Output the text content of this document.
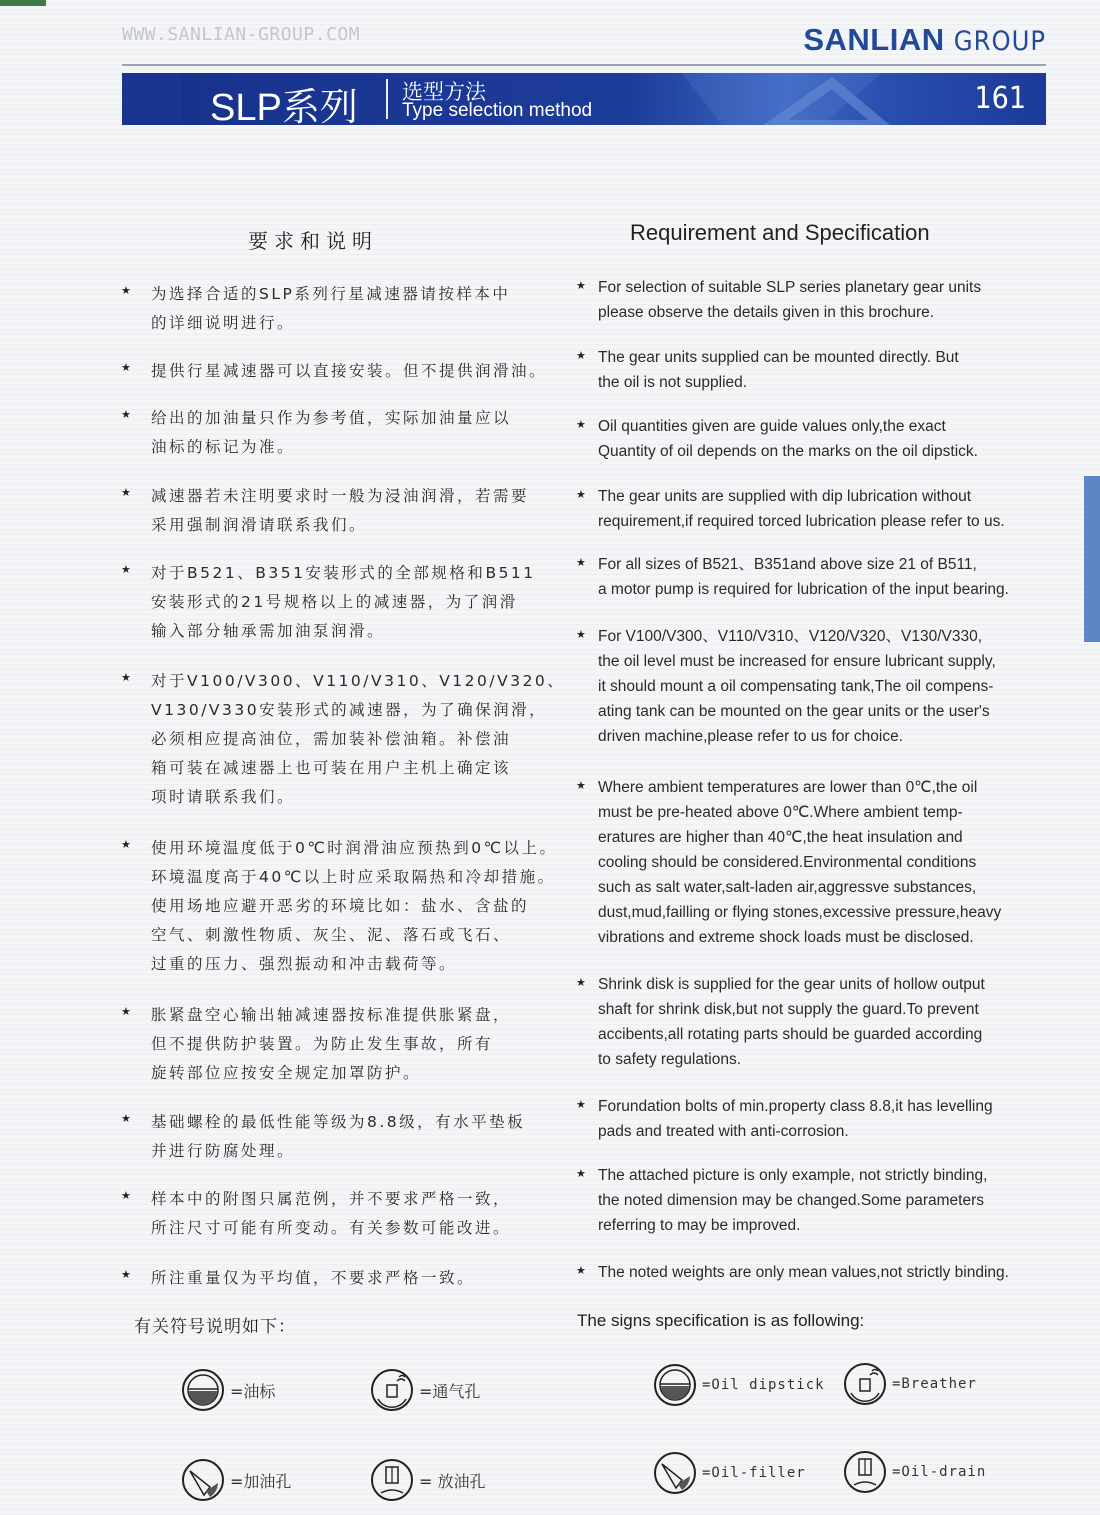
WWW.SANLIAN-GROUP.COM	SANLIAN GROUP
SLP系列 选型方法
Type selection method	161
要求和说明	Requirement and Specification
★ 为选择合适的SLP系列行星减速器请按样本中
的详细说明进行。
★ 提供行星减速器可以直接安装。但不提供润滑油。
★ 给出的加油量只作为参考值，实际加油量应以
油标的标记为准。
★ 减速器若未注明要求时一般为浸油润滑，若需要
采用强制润滑请联系我们。
★ 对于B521、B351安装形式的全部规格和B511
安装形式的21号规格以上的减速器，为了润滑
输入部分轴承需加油泵润滑。
★ 对于V100/V300、V110/V310、V120/V320、
V130/V330安装形式的减速器，为了确保润滑，
必须相应提高油位，需加装补偿油箱。补偿油
箱可装在减速器上也可装在用户主机上确定该
项时请联系我们。
★ 使用环境温度低于0℃时润滑油应预热到0℃以上。
环境温度高于40℃以上时应采取隔热和冷却措施。
使用场地应避开恶劣的环境比如：盐水、含盐的
空气、刺激性物质、灰尘、泥、落石或飞石、
过重的压力、强烈振动和冲击载荷等。
★ 胀紧盘空心输出轴减速器按标准提供胀紧盘，
但不提供防护装置。为防止发生事故，所有
旋转部位应按安全规定加罩防护。
★ 基础螺栓的最低性能等级为8.8级，有水平垫板
并进行防腐处理。
★ 样本中的附图只属范例，并不要求严格一致，
所注尺寸可能有所变动。有关参数可能改进。
★ 所注重量仅为平均值，不要求严格一致。
★ For selection of suitable SLP series planetary gear units
please observe the details given in this brochure.
★ The gear units supplied can be mounted directly. But
the oil is not supplied.
★ Oil quantities given are guide values only,the exact
Quantity of oil depends on the marks on the oil dipstick.
★ The gear units are supplied with dip lubrication without
requirement,if required torced lubrication please refer to us.
★ For all sizes of B521、B351and above size 21 of B511,
a motor pump is required for lubrication of the input bearing.
★ For V100/V300、V110/V310、V120/V320、V130/V330,
the oil level must be increased for ensure lubricant supply,
it should mount a oil compensating tank,The oil compens-
ating tank can be mounted on the gear units or the user's
driven machine,please refer to us for choice.
★ Where ambient temperatures are lower than 0℃,the oil
must be pre-heated above 0℃.Where ambient temp-
eratures are higher than 40℃,the heat insulation and
cooling should be considered.Environmental conditions
such as salt water,salt-laden air,aggressve substances,
dust,mud,failling or flying stones,excessive pressure,heavy
vibrations and extreme shock loads must be disclosed.
★ Shrink disk is supplied for the gear units of hollow output
shaft for shrink disk,but not supply the guard.To prevent
accibents,all rotating parts should be guarded according
to safety regulations.
★ Forundation bolts of min.property class 8.8,it has levelling
pads and treated with anti-corrosion.
★ The attached picture is only example, not strictly binding,
the noted dimension may be changed.Some parameters
referring to may be improved.
★ The noted weights are only mean values,not strictly binding.
有关符号说明如下：	The signs specification is as following:
=油标	=通气孔
=加油孔	= 放油孔
=Oil dipstick	=Breather
=Oil-filler	=Oil-drain
